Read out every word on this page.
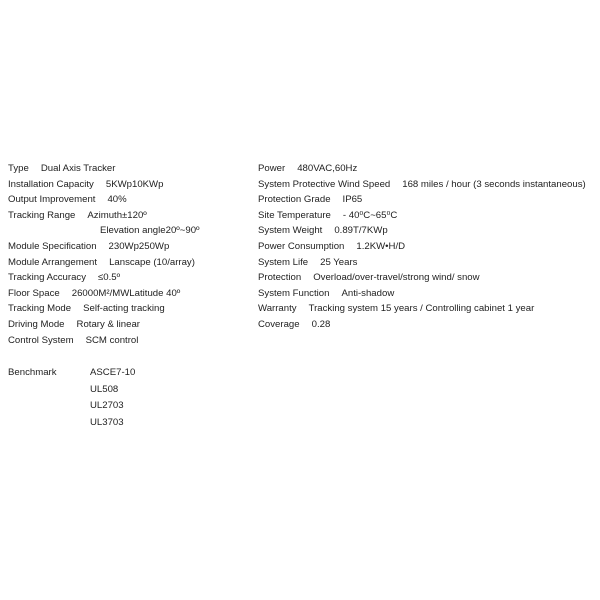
Type Dual Axis Tracker
Installation Capacity 5KWp10KWp
Output Improvement 40%
Tracking Range Azimuth±120º
Elevation angle20º~90º
Module Specification 230Wp250Wp
Module Arrangement Lanscape (10/array)
Tracking Accuracy ≤0.5º
Floor Space 26000M²/MWLatitude 40º
Tracking Mode Self-acting tracking
Driving Mode Rotary & linear
Control System SCM control
Power 480VAC,60Hz
System Protective Wind Speed 168 miles / hour (3 seconds instantaneous)
Protection Grade IP65
Site Temperature - 40⁰C~65⁰C
System Weight 0.89T/7KWp
Power Consumption 1.2KW•H/D
System Life 25 Years
Protection Overload/over-travel/strong wind/ snow
System Function Anti-shadow
Warranty Tracking system 15 years / Controlling cabinet 1 year
Coverage 0.28
Benchmark	ASCE7-10
UL508
UL2703
UL3703
